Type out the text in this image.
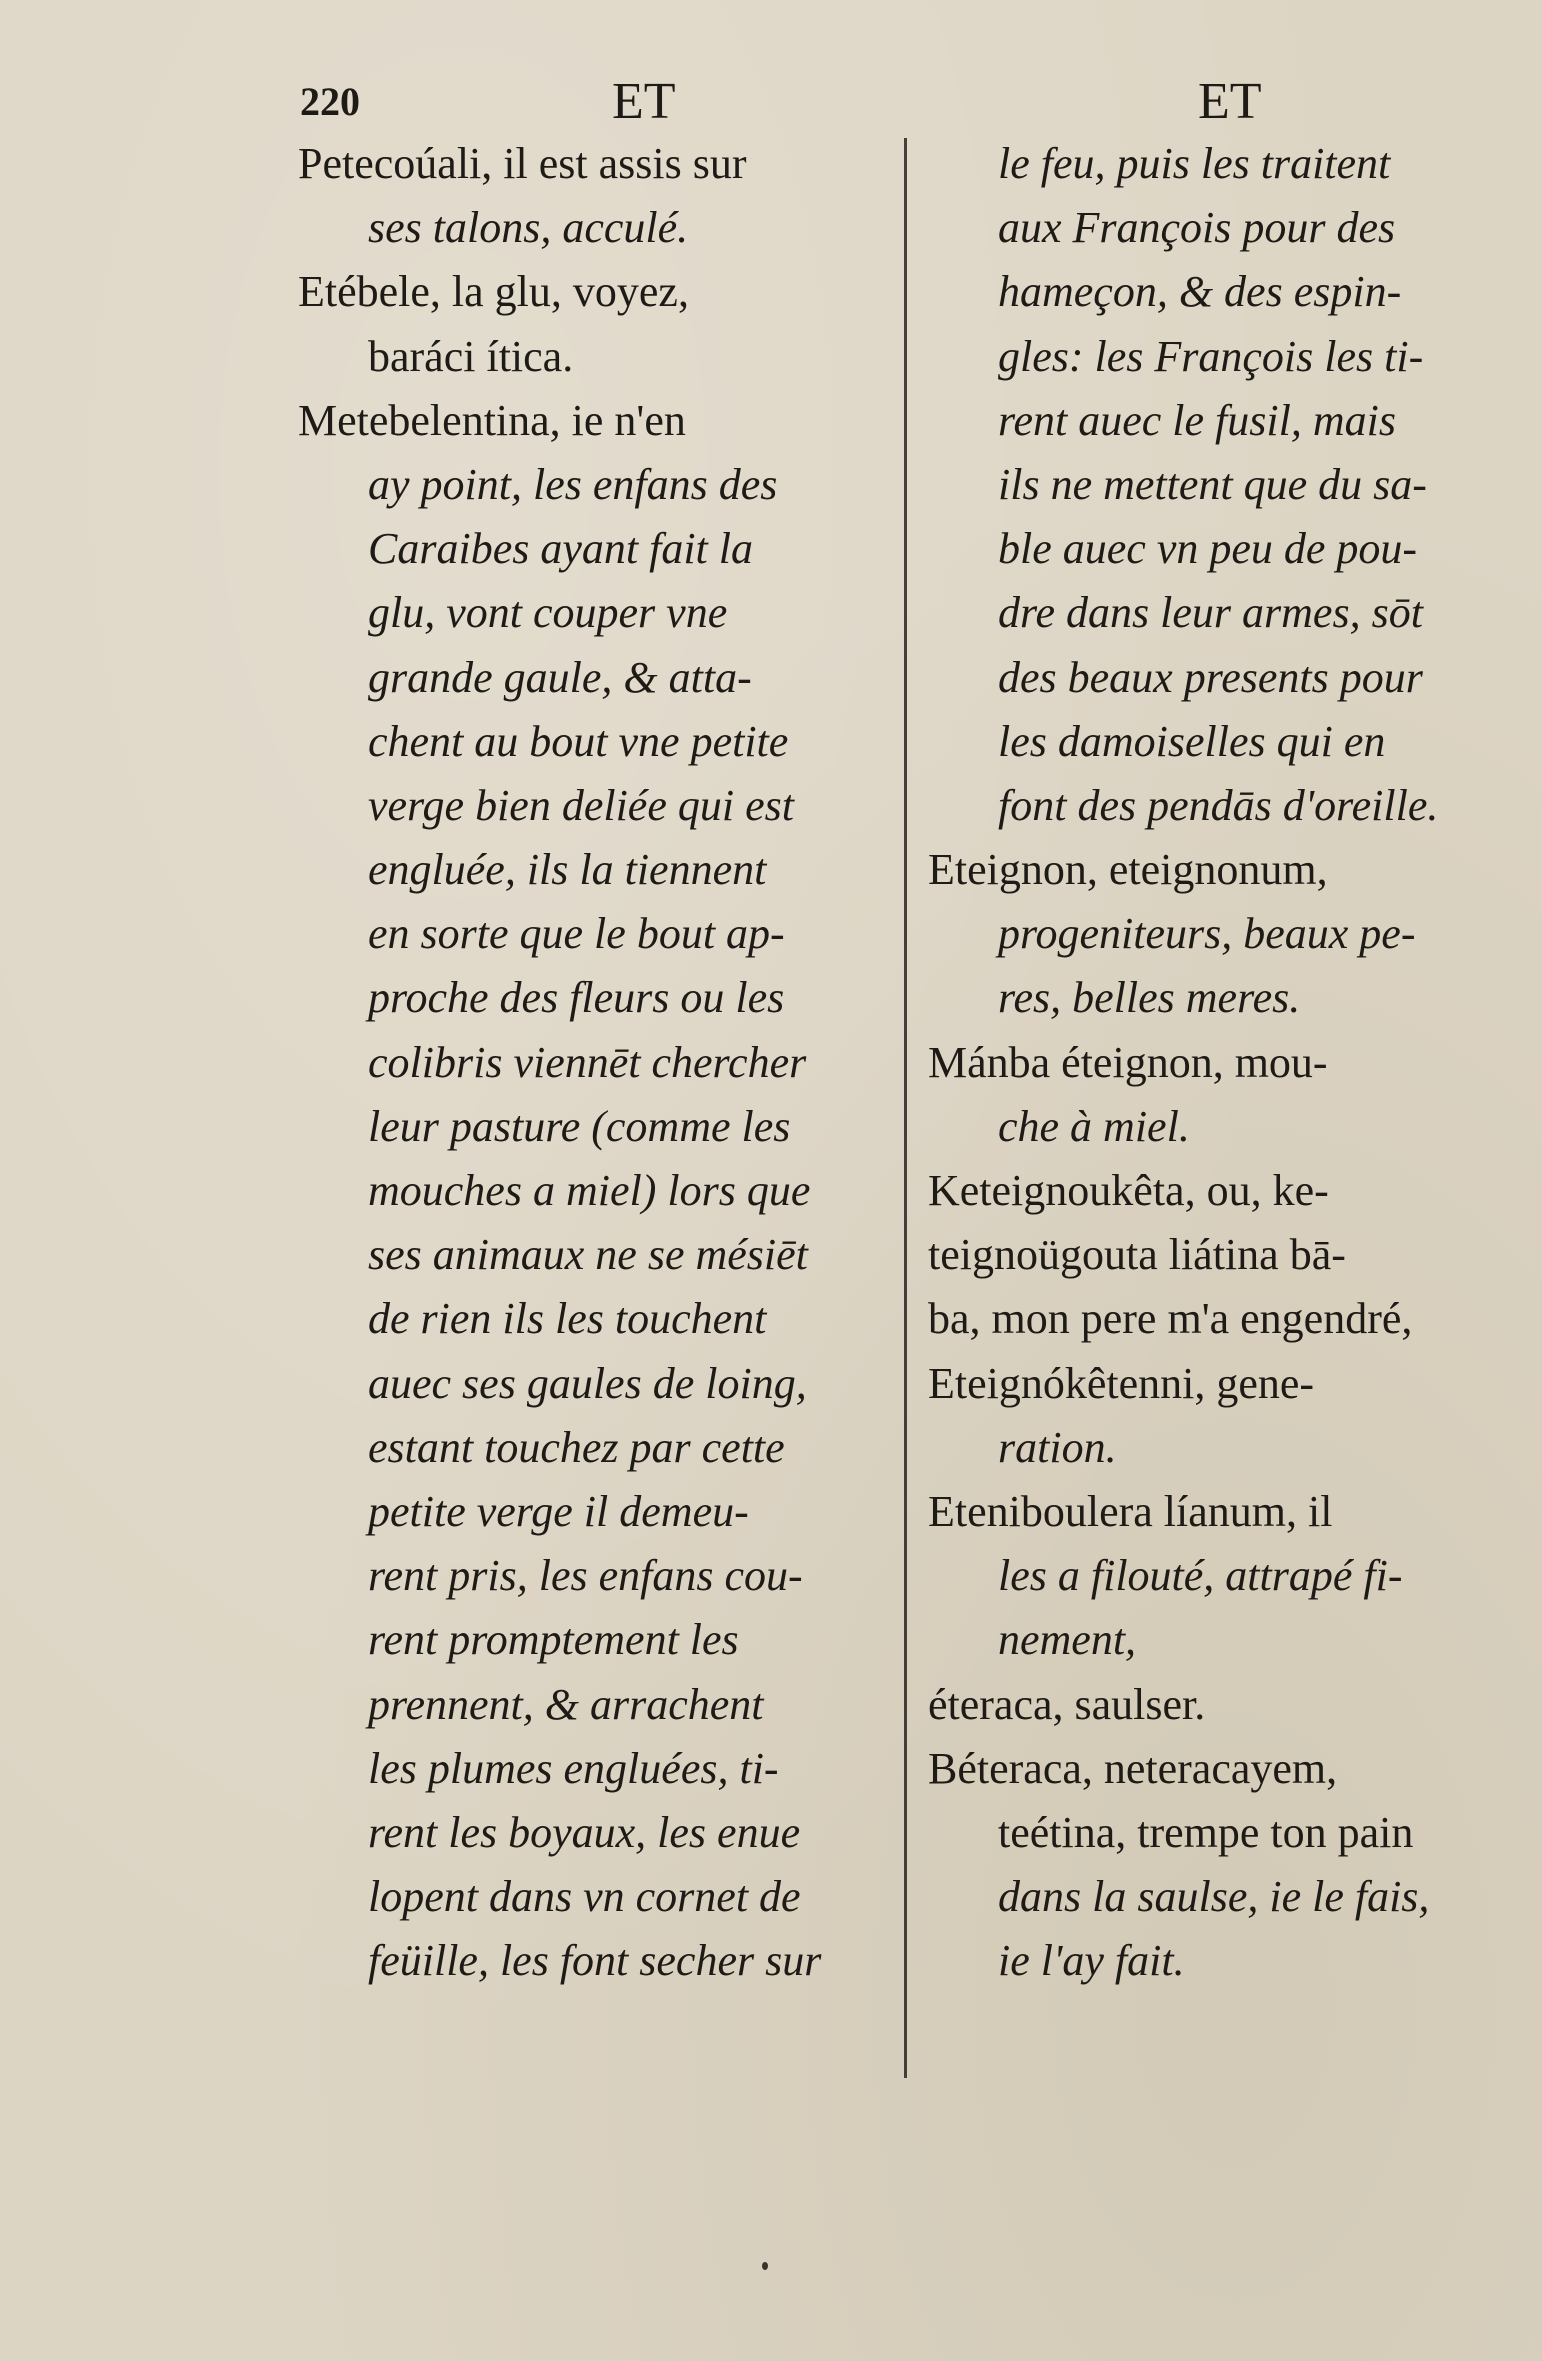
220	ET	ET
Petecoúali, il est assis sur
ses talons, acculé.
Etébele, la glu, voyez,
baráci ítica.
Metebelentina, ie n'en
ay point, les enfans des
Caraibes ayant fait la
glu, vont couper vne
grande gaule, & atta-
chent au bout vne petite
verge bien deliée qui est
engluée, ils la tiennent
en sorte que le bout ap-
proche des fleurs ou les
colibris viennēt chercher
leur pasture (comme les
mouches a miel) lors que
ses animaux ne se mésiēt
de rien ils les touchent
auec ses gaules de loing,
estant touchez par cette
petite verge il demeu-
rent pris, les enfans cou-
rent promptement les
prennent, & arrachent
les plumes engluées, ti-
rent les boyaux, les enue
lopent dans vn cornet de
feüille, les font secher sur
le feu, puis les traitent
aux François pour des
hameçon, & des espin-
gles: les François les ti-
rent auec le fusil, mais
ils ne mettent que du sa-
ble auec vn peu de pou-
dre dans leur armes, sōt
des beaux presents pour
les damoiselles qui en
font des pendās d'oreille.
Eteignon, eteignonum,
progeniteurs, beaux pe-
res, belles meres.
Mánba éteignon, mou-
che à miel.
Keteignoukêta, ou, ke-
teignoügouta liátina bā-
ba, mon pere m'a engendré,
Eteignókêtenni, gene-
ration.
Eteniboulera líanum, il
les a filouté, attrapé fi-
nement,
éteraca, saulser.
Béteraca, neteracayem,
teétina, trempe ton pain
dans la saulse, ie le fais,
ie l'ay fait.
